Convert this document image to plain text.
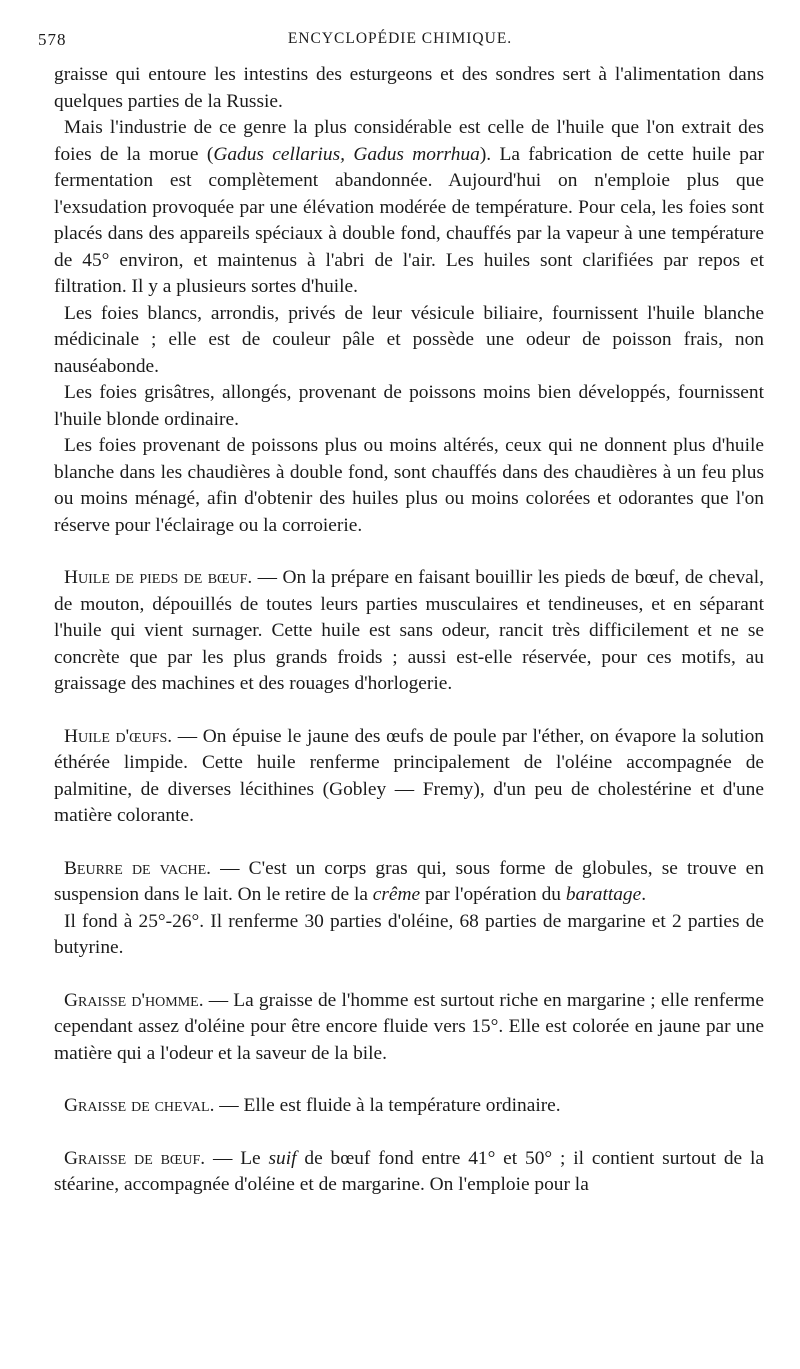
578	ENCYCLOPÉDIE CHIMIQUE.

graisse qui entoure les intestins des esturgeons et des sondres sert à l'alimentation dans quelques parties de la Russie.

Mais l'industrie de ce genre la plus considérable est celle de l'huile que l'on extrait des foies de la morue (Gadus cellarius, Gadus morrhua). La fabrication de cette huile par fermentation est complètement abandonnée. Aujourd'hui on n'emploie plus que l'exsudation provoquée par une élévation modérée de température. Pour cela, les foies sont placés dans des appareils spéciaux à double fond, chauffés par la vapeur à une température de 45° environ, et maintenus à l'abri de l'air. Les huiles sont clarifiées par repos et filtration. Il y a plusieurs sortes d'huile.

Les foies blancs, arrondis, privés de leur vésicule biliaire, fournissent l'huile blanche médicinale ; elle est de couleur pâle et possède une odeur de poisson frais, non nauséabonde.

Les foies grisâtres, allongés, provenant de poissons moins bien développés, fournissent l'huile blonde ordinaire.

Les foies provenant de poissons plus ou moins altérés, ceux qui ne donnent plus d'huile blanche dans les chaudières à double fond, sont chauffés dans des chaudières à un feu plus ou moins ménagé, afin d'obtenir des huiles plus ou moins colorées et odorantes que l'on réserve pour l'éclairage ou la corroierie.

Huile de pieds de bœuf. — On la prépare en faisant bouillir les pieds de bœuf, de cheval, de mouton, dépouillés de toutes leurs parties musculaires et tendineuses, et en séparant l'huile qui vient surnager. Cette huile est sans odeur, rancit très difficilement et ne se concrète que par les plus grands froids ; aussi est-elle réservée, pour ces motifs, au graissage des machines et des rouages d'horlogerie.

Huile d'œufs. — On épuise le jaune des œufs de poule par l'éther, on évapore la solution éthérée limpide. Cette huile renferme principalement de l'oléine accompagnée de palmitine, de diverses lécithines (Gobley — Fremy), d'un peu de cholestérine et d'une matière colorante.

Beurre de vache. — C'est un corps gras qui, sous forme de globules, se trouve en suspension dans le lait. On le retire de la crême par l'opération du barattage.

Il fond à 25°-26°. Il renferme 30 parties d'oléine, 68 parties de margarine et 2 parties de butyrine.

Graisse d'homme. — La graisse de l'homme est surtout riche en margarine ; elle renferme cependant assez d'oléine pour être encore fluide vers 15°. Elle est colorée en jaune par une matière qui a l'odeur et la saveur de la bile.

Graisse de cheval. — Elle est fluide à la température ordinaire.

Graisse de bœuf. — Le suif de bœuf fond entre 41° et 50° ; il contient surtout de la stéarine, accompagnée d'oléine et de margarine. On l'emploie pour la
